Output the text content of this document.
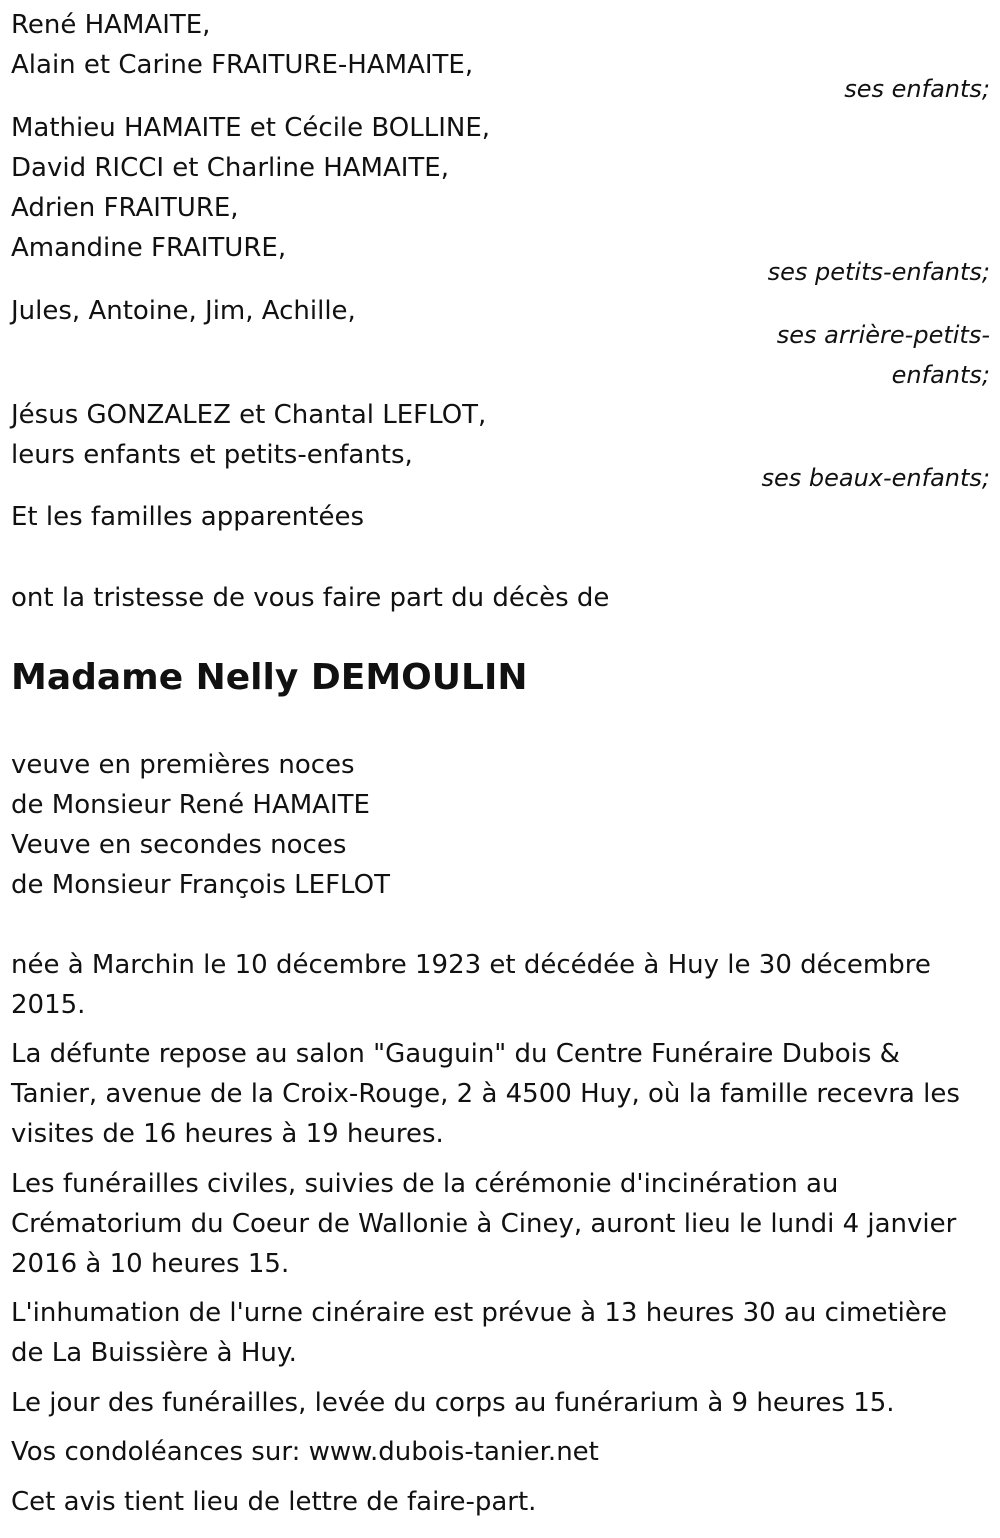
René HAMAITE,
Alain et Carine FRAITURE-HAMAITE,
ses enfants;
Mathieu HAMAITE et Cécile BOLLINE,
David RICCI et Charline HAMAITE,
Adrien FRAITURE,
Amandine FRAITURE,
ses petits-enfants;
Jules, Antoine, Jim, Achille,
ses arrière-petits-
enfants;
Jésus GONZALEZ et Chantal LEFLOT,
leurs enfants et petits-enfants,
ses beaux-enfants;
Et les familles apparentées
ont la tristesse de vous faire part du décès de
Madame Nelly DEMOULIN
veuve en premières noces
de Monsieur René HAMAITE
Veuve en secondes noces
de Monsieur François LEFLOT
née à Marchin le 10 décembre 1923 et décédée à Huy le 30 décembre 2015.
La défunte repose au salon "Gauguin" du Centre Funéraire Dubois & Tanier, avenue de la Croix-Rouge, 2 à 4500 Huy, où la famille recevra les visites de 16 heures à 19 heures.
Les funérailles civiles, suivies de la cérémonie d'incinération au Crématorium du Coeur de Wallonie à Ciney, auront lieu le lundi 4 janvier 2016 à 10 heures 15.
L'inhumation de l'urne cinéraire est prévue à 13 heures 30 au cimetière de La Buissière à Huy.
Le jour des funérailles, levée du corps au funérarium à 9 heures 15.
Vos condoléances sur: www.dubois-tanier.net
Cet avis tient lieu de lettre de faire-part.
